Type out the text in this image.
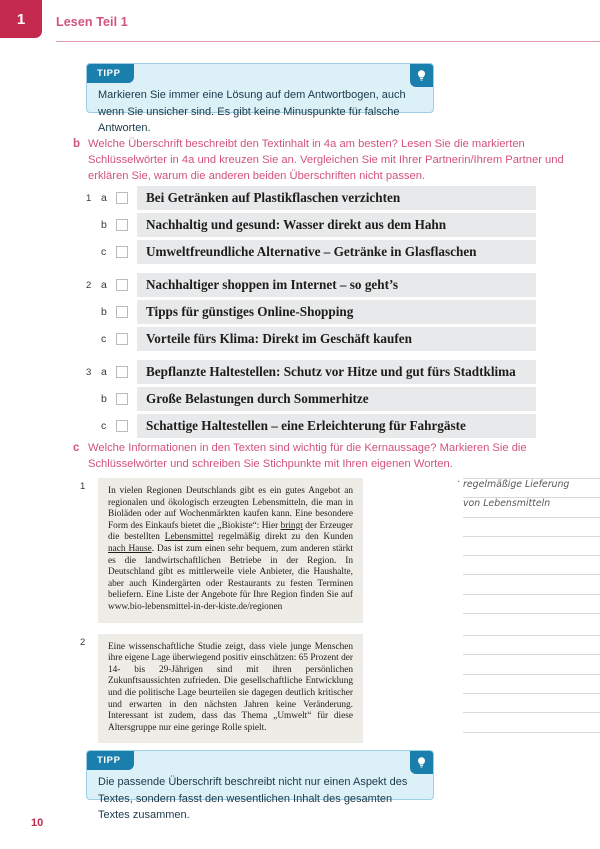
1	Lesen Teil 1
TIPP
Markieren Sie immer eine Lösung auf dem Antwortbogen, auch wenn Sie unsicher sind. Es gibt keine Minuspunkte für falsche Antworten.
b Welche Überschrift beschreibt den Textinhalt in 4a am besten? Lesen Sie die markierten Schlüsselwörter in 4a und kreuzen Sie an. Vergleichen Sie mit Ihrer Partnerin/Ihrem Partner und erklären Sie, warum die anderen beiden Überschriften nicht passen.
1 a	Bei Getränken auf Plastikflaschen verzichten
b	Nachhaltig und gesund: Wasser direkt aus dem Hahn
c	Umweltfreundliche Alternative – Getränke in Glasflaschen
2 a	Nachhaltiger shoppen im Internet – so geht’s
b	Tipps für günstiges Online-Shopping
c	Vorteile fürs Klima: Direkt im Geschäft kaufen
3 a	Bepflanzte Haltestellen: Schutz vor Hitze und gut fürs Stadtklima
b	Große Belastungen durch Sommerhitze
c	Schattige Haltestellen – eine Erleichterung für Fahrgäste
c Welche Informationen in den Texten sind wichtig für die Kernaussage? Markieren Sie die Schlüsselwörter und schreiben Sie Stichpunkte mit Ihren eigenen Worten.
1	In vielen Regionen Deutschlands gibt es ein gutes Angebot an regionalen und ökologisch erzeugten Lebensmitteln, die man in Bioläden oder auf Wochenmärkten kaufen kann. Eine besondere Form des Einkaufs bietet die „Biokiste“: Hier bringt der Erzeuger die bestellten Lebensmittel regelmäßig direkt zu den Kunden nach Hause. Das ist zum einen sehr bequem, zum anderen stärkt es die landwirtschaftlichen Betriebe in der Region. In Deutschland gibt es mittlerweile viele Anbieter, die Haushalte, aber auch Kindergärten oder Restaurants zu festen Terminen beliefern. Eine Liste der Angebote für Ihre Region finden Sie auf www.bio-lebensmittel-in-der-kiste.de/regionen

2	Eine wissenschaftliche Studie zeigt, dass viele junge Menschen ihre eigene Lage überwiegend positiv einschätzen: 65 Prozent der 14- bis 29-Jährigen sind mit ihren persönlichen Zukunftsaussichten zufrieden. Die gesellschaftliche Entwicklung und die politische Lage beurteilen sie dagegen deutlich kritischer und erwarten in den nächsten Jahren keine Veränderung. Interessant ist zudem, dass das Thema „Umwelt“ für diese Altersgruppe nur eine geringe Rolle spielt.

· regelmäßige Lieferung
von Lebensmitteln
TIPP
Die passende Überschrift beschreibt nicht nur einen Aspekt des Textes, sondern fasst den wesentlichen Inhalt des gesamten Textes zusammen.
10
